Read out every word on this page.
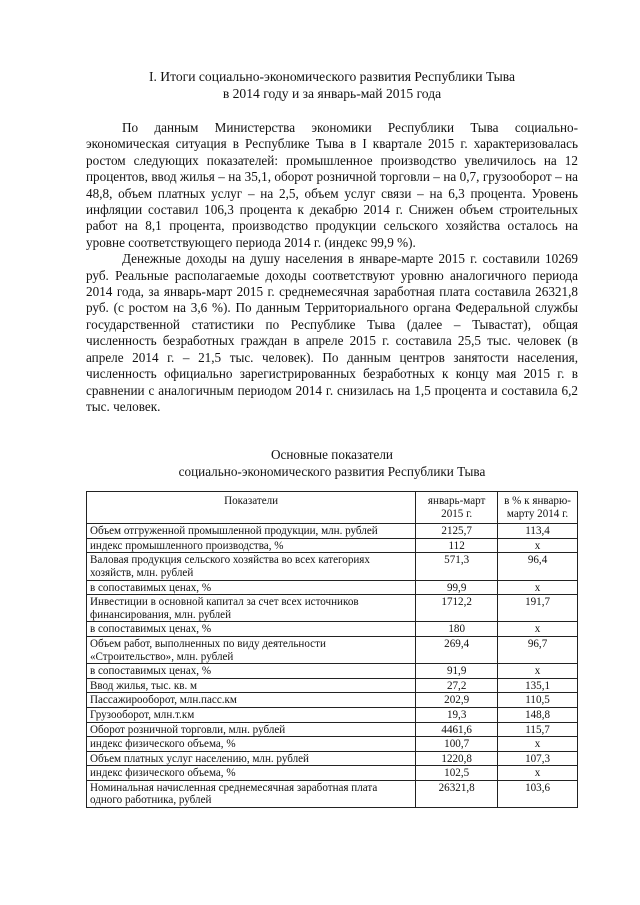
I. Итоги социально-экономического развития Республики Тыва
в 2014 году и за январь-май 2015 года

По данным Министерства экономики Республики Тыва социально-экономическая ситуация в Республике Тыва в I квартале 2015 г. характеризовалась ростом следующих показателей: промышленное производство увеличилось на 12 процентов, ввод жилья – на 35,1, оборот розничной торговли – на 0,7, грузооборот – на 48,8, объем платных услуг – на 2,5, объем услуг связи – на 6,3 процента. Уровень инфляции составил 106,3 процента к декабрю 2014 г. Снижен объем строительных работ на 8,1 процента, производство продукции сельского хозяйства осталось на уровне соответствующего периода 2014 г. (индекс 99,9 %).

Денежные доходы на душу населения в январе-марте 2015 г. составили 10269 руб. Реальные располагаемые доходы соответствуют уровню аналогичного периода 2014 года, за январь-март 2015 г. среднемесячная заработная плата составила 26321,8 руб. (с ростом на 3,6 %). По данным Территориального органа Федеральной службы государственной статистики по Республике Тыва (далее – Тывастат), общая численность безработных граждан в апреле 2015 г. составила 25,5 тыс. человек (в апреле 2014 г. – 21,5 тыс. человек). По данным центров занятости населения, численность официально зарегистрированных безработных к концу мая 2015 г. в сравнении с аналогичным периодом 2014 г. снизилась на 1,5 процента и составила 6,2 тыс. человек.

Основные показатели
социально-экономического развития Республики Тыва
Показатели	январь-март 2015 г.	в % к январю-марту 2014 г.
Объем отгруженной промышленной продукции, млн. рублей	2125,7	113,4
индекс промышленного производства, %	112	х
Валовая продукция сельского хозяйства во всех категориях хозяйств, млн. рублей	571,3	96,4
в сопоставимых ценах, %	99,9	х
Инвестиции в основной капитал за счет всех источников финансирования, млн. рублей	1712,2	191,7
в сопоставимых ценах, %	180	х
Объем работ, выполненных по виду деятельности «Строительство», млн. рублей	269,4	96,7
в сопоставимых ценах, %	91,9	х
Ввод жилья, тыс. кв. м	27,2	135,1
Пассажирооборот, млн.пасс.км	202,9	110,5
Грузооборот, млн.т.км	19,3	148,8
Оборот розничной торговли, млн. рублей	4461,6	115,7
индекс физического объема, %	100,7	х
Объем платных услуг населению, млн. рублей	1220,8	107,3
индекс физического объема, %	102,5	х
Номинальная начисленная среднемесячная заработная плата одного работника, рублей	26321,8	103,6
